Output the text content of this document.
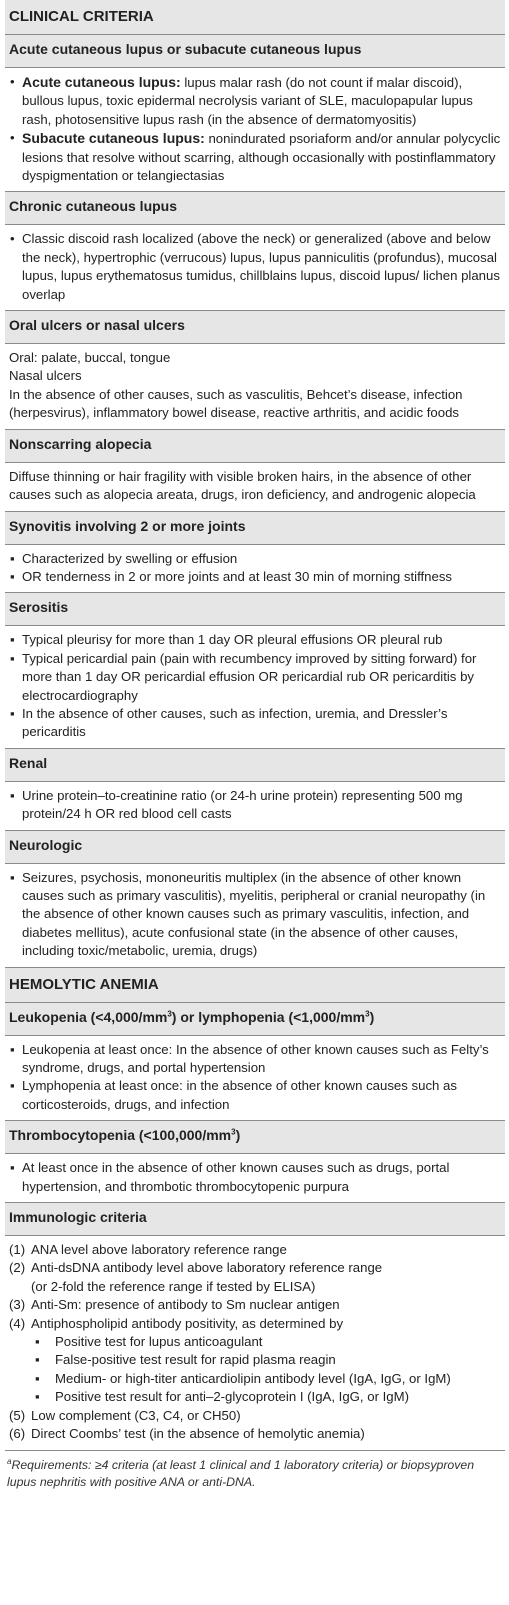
CLINICAL CRITERIA
Acute cutaneous lupus or subacute cutaneous lupus
• Acute cutaneous lupus: lupus malar rash (do not count if malar discoid), bullous lupus, toxic epidermal necrolysis variant of SLE, maculopapular lupus rash, photosensitive lupus rash (in the absence of dermatomyositis)
• Subacute cutaneous lupus: nonindurated psoriaform and/or annular polycyclic lesions that resolve without scarring, although occasionally with postinflammatory dyspigmentation or telangiectasias
Chronic cutaneous lupus
• Classic discoid rash localized (above the neck) or generalized (above and below the neck), hypertrophic (verrucous) lupus, lupus panniculitis (profundus), mucosal lupus, lupus erythematosus tumidus, chillblains lupus, discoid lupus/ lichen planus overlap
Oral ulcers or nasal ulcers
Oral: palate, buccal, tongue
Nasal ulcers
In the absence of other causes, such as vasculitis, Behcet’s disease, infection (herpesvirus), inflammatory bowel disease, reactive arthritis, and acidic foods
Nonscarring alopecia
Diffuse thinning or hair fragility with visible broken hairs, in the absence of other causes such as alopecia areata, drugs, iron deficiency, and androgenic alopecia
Synovitis involving 2 or more joints
▪ Characterized by swelling or effusion
▪ OR tenderness in 2 or more joints and at least 30 min of morning stiffness
Serositis
▪ Typical pleurisy for more than 1 day OR pleural effusions OR pleural rub
▪ Typical pericardial pain (pain with recumbency improved by sitting forward) for more than 1 day OR pericardial effusion OR pericardial rub OR pericarditis by electrocardiography
▪ In the absence of other causes, such as infection, uremia, and Dressler’s pericarditis
Renal
▪ Urine protein–to-creatinine ratio (or 24-h urine protein) representing 500 mg protein/24 h OR red blood cell casts
Neurologic
▪ Seizures, psychosis, mononeuritis multiplex (in the absence of other known causes such as primary vasculitis), myelitis, peripheral or cranial neuropathy (in the absence of other known causes such as primary vasculitis, infection, and diabetes mellitus), acute confusional state (in the absence of other causes, including toxic/metabolic, uremia, drugs)
HEMOLYTIC ANEMIA
Leukopenia $(<4,000/mm^3)$ or lymphopenia $(<1,000/mm^3)$
▪ Leukopenia at least once: In the absence of other known causes such as Felty’s syndrome, drugs, and portal hypertension
▪ Lymphopenia at least once: in the absence of other known causes such as corticosteroids, drugs, and infection
Thrombocytopenia $(<100,000/mm^3)$
▪ At least once in the absence of other known causes such as drugs, portal hypertension, and thrombotic thrombocytopenic purpura
Immunologic criteria
(1) ANA level above laboratory reference range
(2) Anti-dsDNA antibody level above laboratory reference range
(or 2-fold the reference range if tested by ELISA)
(3) Anti-Sm: presence of antibody to Sm nuclear antigen
(4) Antiphospholipid antibody positivity, as determined by
▪ Positive test for lupus anticoagulant
▪ False-positive test result for rapid plasma reagin
▪ Medium- or high-titer anticardiolipin antibody level (IgA, IgG, or IgM)
▪ Positive test result for anti–2-glycoprotein I (IgA, IgG, or IgM)
(5) Low complement (C3, C4, or CH50)
(6) Direct Coombs’ test (in the absence of hemolytic anemia)
$^a$Requirements: ≥4 criteria (at least 1 clinical and 1 laboratory criteria) or biopsyproven lupus nephritis with positive ANA or anti-DNA.
